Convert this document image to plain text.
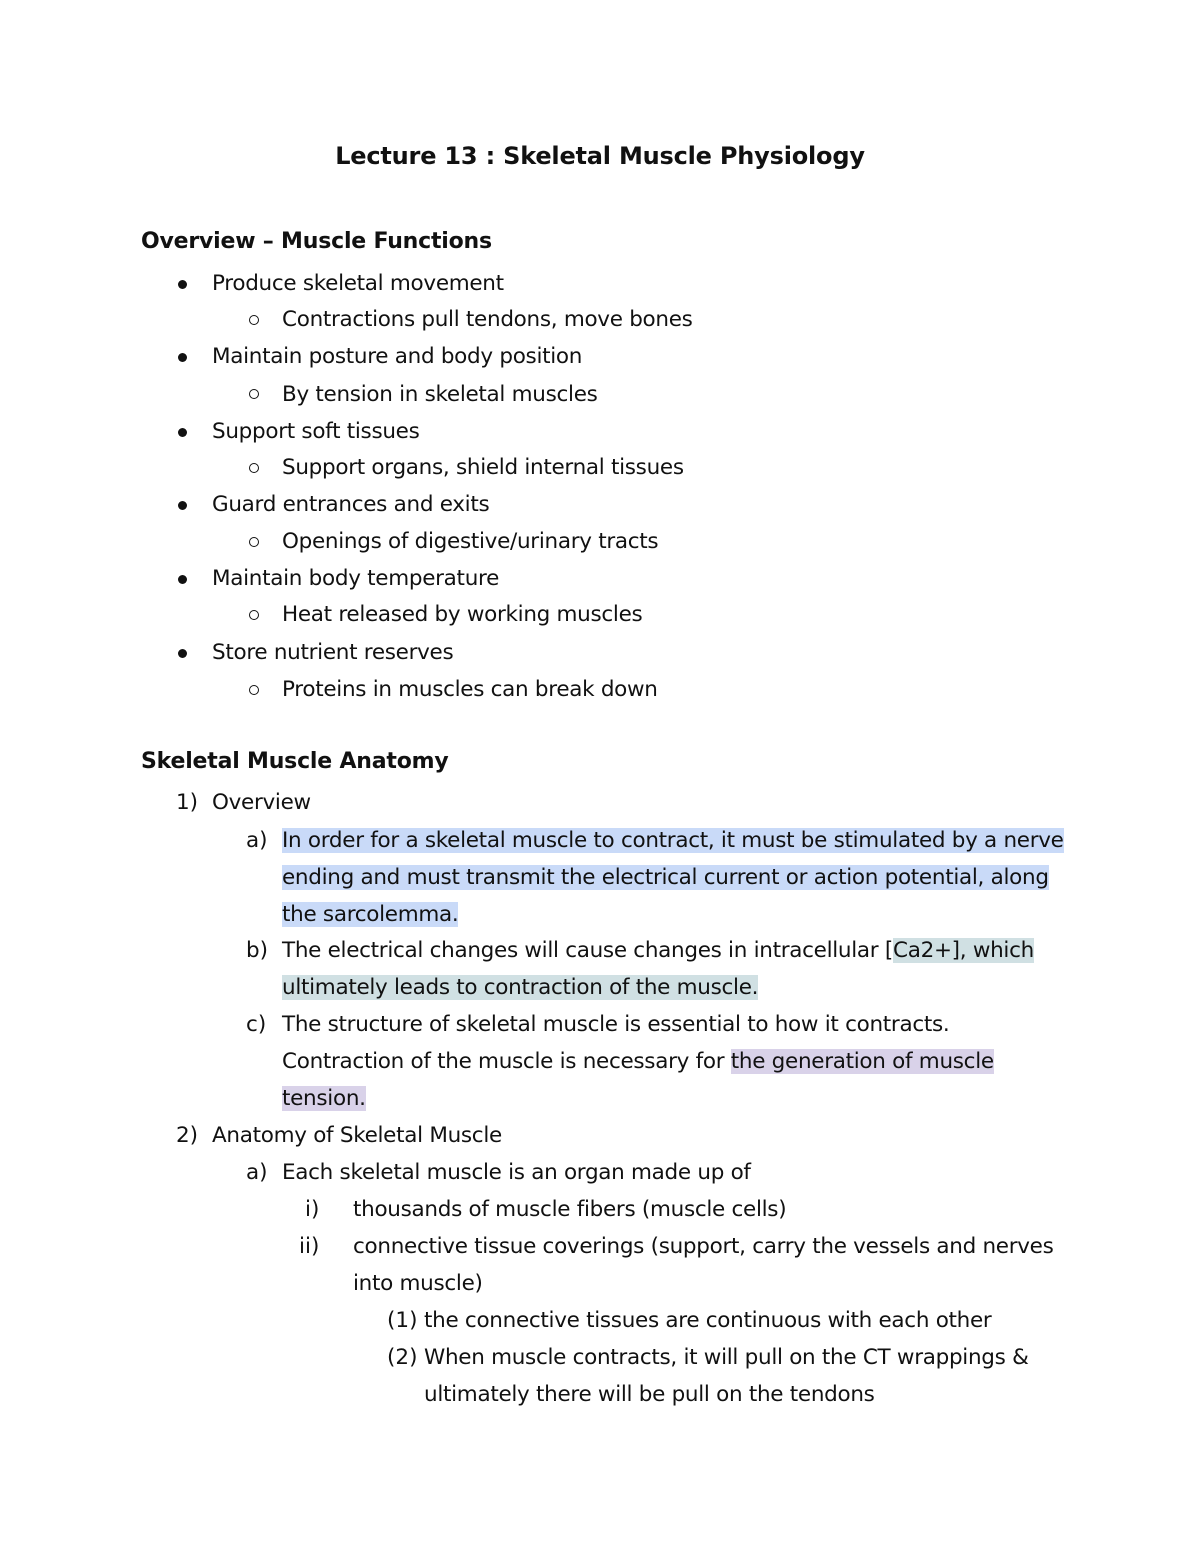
Lecture 13 : Skeletal Muscle Physiology
Overview – Muscle Functions
Produce skeletal movement
Contractions pull tendons, move bones
Maintain posture and body position
By tension in skeletal muscles
Support soft tissues
Support organs, shield internal tissues
Guard entrances and exits
Openings of digestive/urinary tracts
Maintain body temperature
Heat released by working muscles
Store nutrient reserves
Proteins in muscles can break down
Skeletal Muscle Anatomy
1) Overview
a) In order for a skeletal muscle to contract, it must be stimulated by a nerve
ending and must transmit the electrical current or action potential, along
the sarcolemma.
b) The electrical changes will cause changes in intracellular [Ca2+], which
ultimately leads to contraction of the muscle.
c) The structure of skeletal muscle is essential to how it contracts.
Contraction of the muscle is necessary for the generation of muscle
tension.
2) Anatomy of Skeletal Muscle
a) Each skeletal muscle is an organ made up of
i) thousands of muscle fibers (muscle cells)
ii) connective tissue coverings (support, carry the vessels and nerves
into muscle)
(1) the connective tissues are continuous with each other
(2) When muscle contracts, it will pull on the CT wrappings &
ultimately there will be pull on the tendons
